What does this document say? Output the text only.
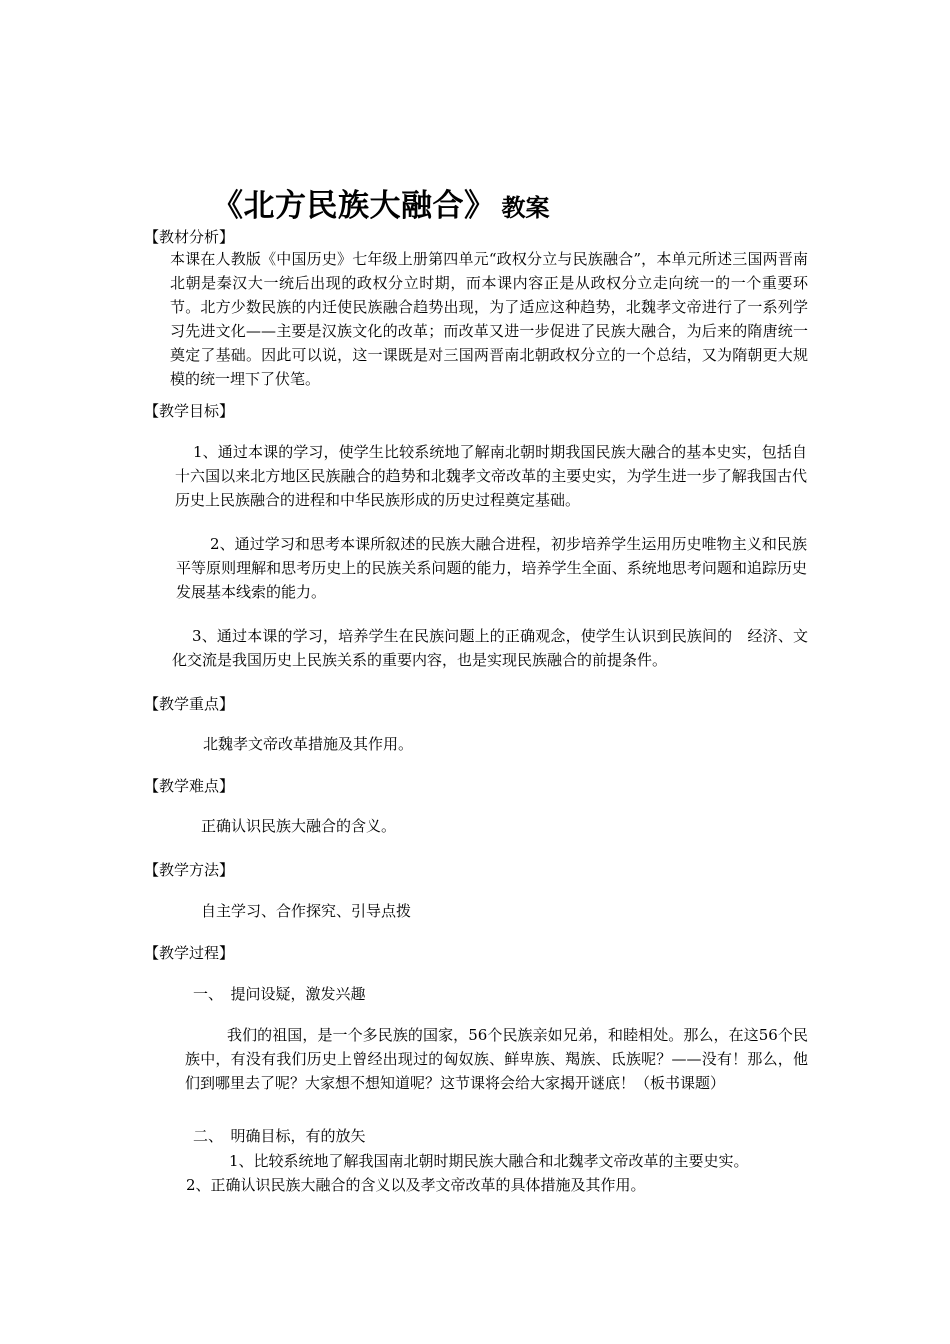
《北方民族大融合》 教案
【教材分析】
本课在人教版《中国历史》七年级上册第四单元“政权分立与民族融合”，本单元所述三国两晋南北朝是秦汉大一统后出现的政权分立时期，而本课内容正是从政权分立走向统一的一个重要环节。北方少数民族的内迁使民族融合趋势出现，为了适应这种趋势，北魏孝文帝进行了一系列学习先进文化——主要是汉族文化的改革；而改革又进一步促进了民族大融合，为后来的隋唐统一奠定了基础。因此可以说，这一课既是对三国两晋南北朝政权分立的一个总结，又为隋朝更大规模的统一埋下了伏笔。
【教学目标】
1、通过本课的学习，使学生比较系统地了解南北朝时期我国民族大融合的基本史实，包括自十六国以来北方地区民族融合的趋势和北魏孝文帝改革的主要史实，为学生进一步了解我国古代历史上民族融合的进程和中华民族形成的历史过程奠定基础。
2、通过学习和思考本课所叙述的民族大融合进程，初步培养学生运用历史唯物主义和民族平等原则理解和思考历史上的民族关系问题的能力，培养学生全面、系统地思考问题和追踪历史发展基本线索的能力。
3、通过本课的学习，培养学生在民族问题上的正确观念，使学生认识到民族间的　经济、文化交流是我国历史上民族关系的重要内容，也是实现民族融合的前提条件。
【教学重点】
北魏孝文帝改革措施及其作用。
【教学难点】
正确认识民族大融合的含义。
【教学方法】
自主学习、合作探究、引导点拨
【教学过程】
一、　提问设疑，激发兴趣
我们的祖国，是一个多民族的国家，56个民族亲如兄弟，和睦相处。那么，在这56个民族中，有没有我们历史上曾经出现过的匈奴族、鲜卑族、羯族、氐族呢？——没有！那么，他们到哪里去了呢？大家想不想知道呢？这节课将会给大家揭开谜底！（板书课题）
二、　明确目标，有的放矢
1、比较系统地了解我国南北朝时期民族大融合和北魏孝文帝改革的主要史实。
2、正确认识民族大融合的含义以及孝文帝改革的具体措施及其作用。
